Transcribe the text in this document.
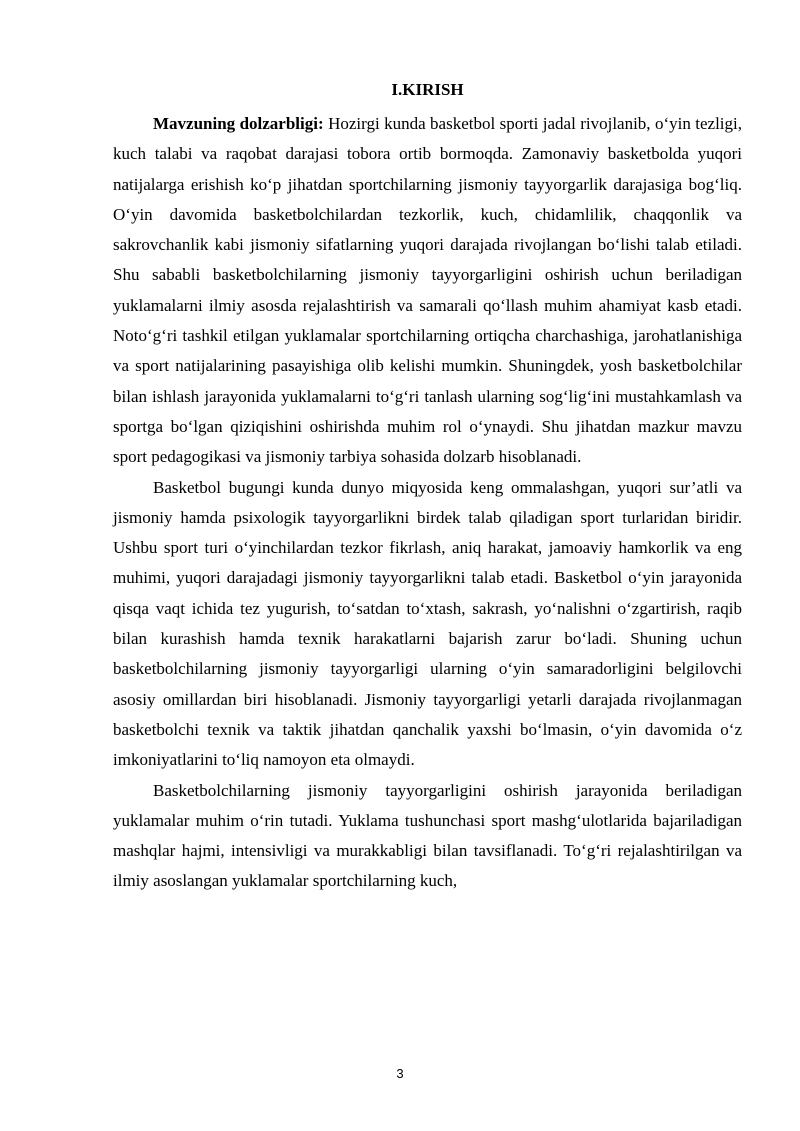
I.KIRISH

Mavzuning dolzarbligi: Hozirgi kunda basketbol sporti jadal rivojlanib, o‘yin tezligi, kuch talabi va raqobat darajasi tobora ortib bormoqda. Zamonaviy basketbolda yuqori natijalarga erishish ko‘p jihatdan sportchilarning jismoniy tayyorgarlik darajasiga bog‘liq. O‘yin davomida basketbolchilardan tezkorlik, kuch, chidamlilik, chaqqonlik va sakrovchanlik kabi jismoniy sifatlarning yuqori darajada rivojlangan bo‘lishi talab etiladi. Shu sababli basketbolchilarning jismoniy tayyorgarligini oshirish uchun beriladigan yuklamalarni ilmiy asosda rejalashtirish va samarali qo‘llash muhim ahamiyat kasb etadi. Noto‘g‘ri tashkil etilgan yuklamalar sportchilarning ortiqcha charchashiga, jarohatlanishiga va sport natijalarining pasayishiga olib kelishi mumkin. Shuningdek, yosh basketbolchilar bilan ishlash jarayonida yuklamalarni to‘g‘ri tanlash ularning sog‘lig‘ini mustahkamlash va sportga bo‘lgan qiziqishini oshirishda muhim rol o‘ynaydi. Shu jihatdan mazkur mavzu sport pedagogikasi va jismoniy tarbiya sohasida dolzarb hisoblanadi.

Basketbol bugungi kunda dunyo miqyosida keng ommalashgan, yuqori sur’atli va jismoniy hamda psixologik tayyorgarlikni birdek talab qiladigan sport turlaridan biridir. Ushbu sport turi o‘yinchilardan tezkor fikrlash, aniq harakat, jamoaviy hamkorlik va eng muhimi, yuqori darajadagi jismoniy tayyorgarlikni talab etadi. Basketbol o‘yin jarayonida qisqa vaqt ichida tez yugurish, to‘satdan to‘xtash, sakrash, yo‘nalishni o‘zgartirish, raqib bilan kurashish hamda texnik harakatlarni bajarish zarur bo‘ladi. Shuning uchun basketbolchilarning jismoniy tayyorgarligi ularning o‘yin samaradorligini belgilovchi asosiy omillardan biri hisoblanadi. Jismoniy tayyorgarligi yetarli darajada rivojlanmagan basketbolchi texnik va taktik jihatdan qanchalik yaxshi bo‘lmasin, o‘yin davomida o‘z imkoniyatlarini to‘liq namoyon eta olmaydi.

Basketbolchilarning jismoniy tayyorgarligini oshirish jarayonida beriladigan yuklamalar muhim o‘rin tutadi. Yuklama tushunchasi sport mashg‘ulotlarida bajariladigan mashqlar hajmi, intensivligi va murakkabligi bilan tavsiflanadi. To‘g‘ri rejalashtirilgan va ilmiy asoslangan yuklamalar sportchilarning kuch,

3
